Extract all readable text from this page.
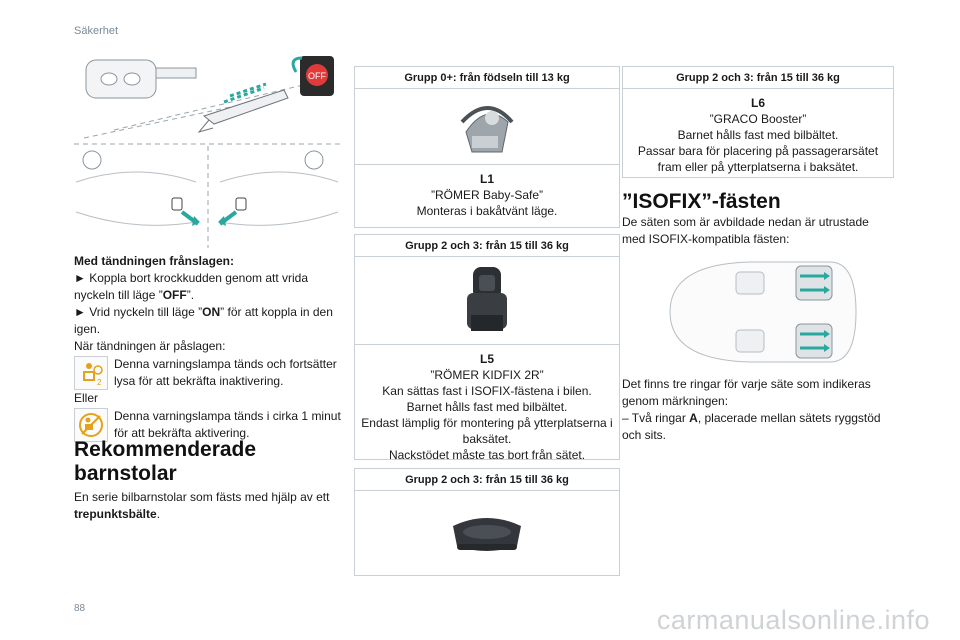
Säkerhet
OFF
Med tändningen frånslagen:
► Koppla bort krockkudden genom att vrida nyckeln till läge ”OFF”.
► Vrid nyckeln till läge ”ON” för att koppla in den igen.
När tändningen är påslagen:
2
Denna varningslampa tänds och fortsätter lysa för att bekräfta inaktivering.
Eller
Denna varningslampa tänds i cirka 1 minut för att bekräfta aktivering.
Rekommenderade barnstolar
En serie bilbarnstolar som fästs med hjälp av ett trepunktsbälte.
Grupp 0+: från födseln till 13 kg
L1
”RÖMER Baby-Safe”
Monteras i bakåtvänt läge.
Grupp 2 och 3: från 15 till 36 kg
L5
”RÖMER KIDFIX 2R”
Kan sättas fast i ISOFIX-fästena i bilen.
Barnet hålls fast med bilbältet.
Endast lämplig för montering på ytterplatserna i baksätet.
Nackstödet måste tas bort från sätet.
Grupp 2 och 3: från 15 till 36 kg
Grupp 2 och 3: från 15 till 36 kg
L6
”GRACO Booster”
Barnet hålls fast med bilbältet.
Passar bara för placering på passagerarsätet fram eller på ytterplatserna i baksätet.
”ISOFIX”-fästen
De säten som är avbildade nedan är utrustade med ISOFIX-kompatibla fästen:
Det finns tre ringar för varje säte som indikeras genom märkningen:
– Två ringar A, placerade mellan sätets ryggstöd och sits.
88	carmanualsonline.info
